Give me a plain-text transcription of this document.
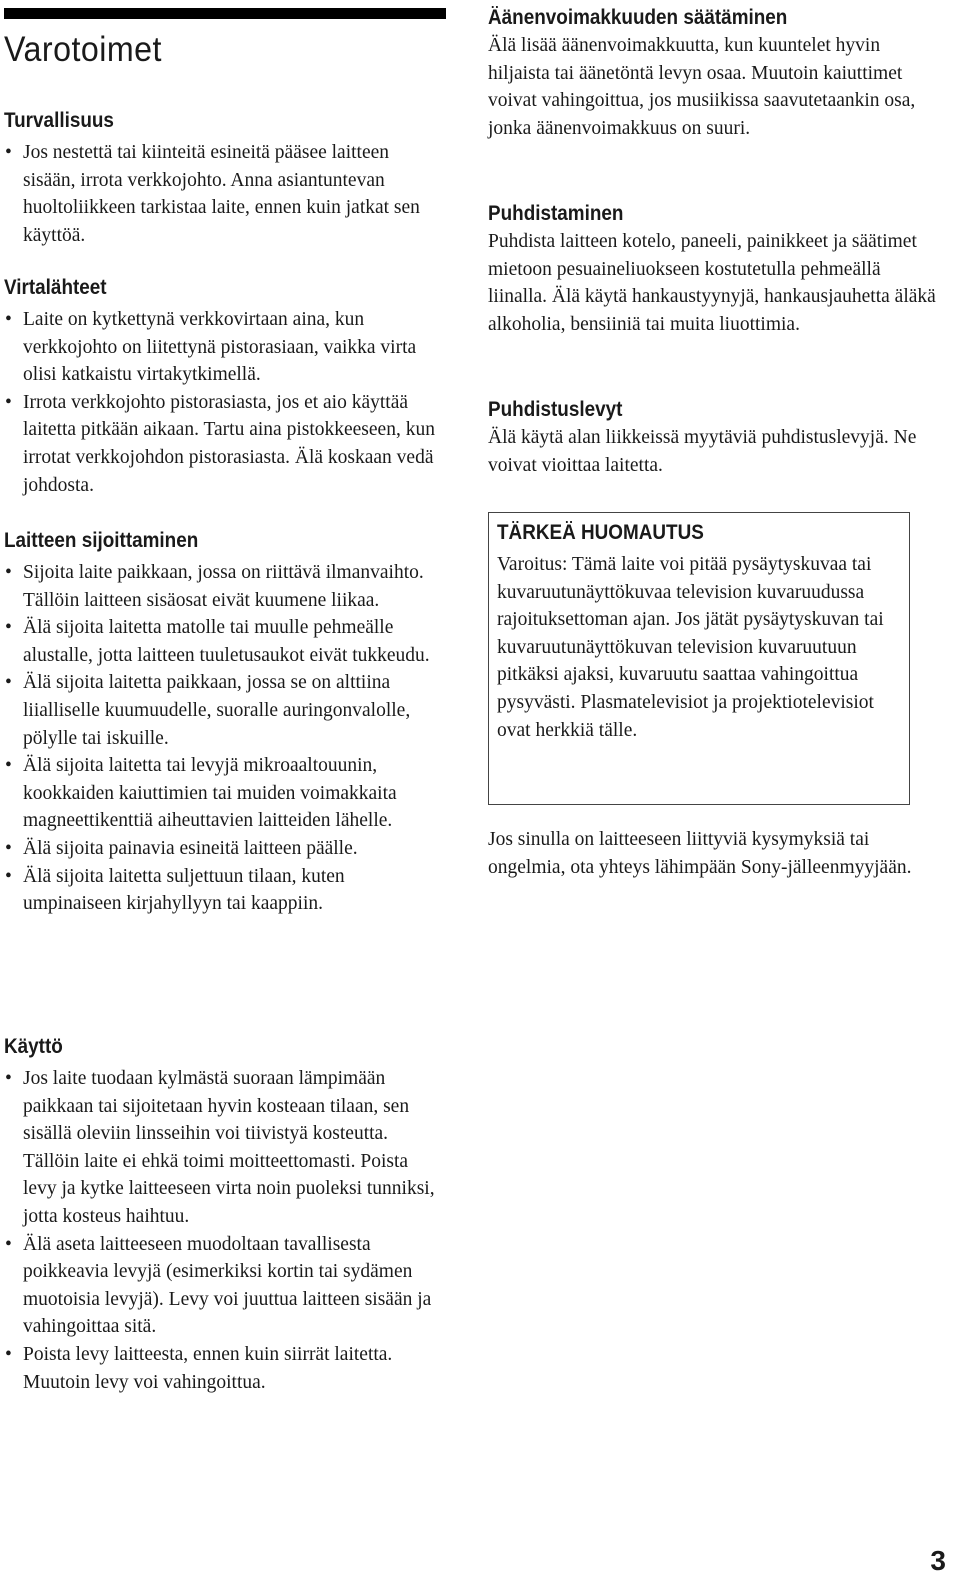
Varotoimet
Turvallisuus
• Jos nestettä tai kiinteitä esineitä pääsee laitteen sisään, irrota verkkojohto. Anna asiantuntevan huoltoliikkeen tarkistaa laite, ennen kuin jatkat sen käyttöä.
Virtalähteet
• Laite on kytkettynä verkkovirtaan aina, kun verkkojohto on liitettynä pistorasiaan, vaikka virta olisi katkaistu virtakytkimellä.
• Irrota verkkojohto pistorasiasta, jos et aio käyttää laitetta pitkään aikaan. Tartu aina pistokkeeseen, kun irrotat verkkojohdon pistorasiasta. Älä koskaan vedä johdosta.
Laitteen sijoittaminen
• Sijoita laite paikkaan, jossa on riittävä ilmanvaihto. Tällöin laitteen sisäosat eivät kuumene liikaa.
• Älä sijoita laitetta matolle tai muulle pehmeälle alustalle, jotta laitteen tuuletusaukot eivät tukkeudu.
• Älä sijoita laitetta paikkaan, jossa se on alttiina liialliselle kuumuudelle, suoralle auringonvalolle, pölylle tai iskuille.
• Älä sijoita laitetta tai levyjä mikroaaltouunin, kookkaiden kaiuttimien tai muiden voimakkaita magneettikenttiä aiheuttavien laitteiden lähelle.
• Älä sijoita painavia esineitä laitteen päälle.
• Älä sijoita laitetta suljettuun tilaan, kuten umpinaiseen kirjahyllyyn tai kaappiin.
Käyttö
• Jos laite tuodaan kylmästä suoraan lämpimään paikkaan tai sijoitetaan hyvin kosteaan tilaan, sen sisällä oleviin linsseihin voi tiivistyä kosteutta. Tällöin laite ei ehkä toimi moitteettomasti. Poista levy ja kytke laitteeseen virta noin puoleksi tunniksi, jotta kosteus haihtuu.
• Älä aseta laitteeseen muodoltaan tavallisesta poikkeavia levyjä (esimerkiksi kortin tai sydämen muotoisia levyjä). Levy voi juuttua laitteen sisään ja vahingoittaa sitä.
• Poista levy laitteesta, ennen kuin siirrät laitetta. Muutoin levy voi vahingoittua.
Äänenvoimakkuuden säätäminen

Älä lisää äänenvoimakkuutta, kun kuuntelet hyvin hiljaista tai äänetöntä levyn osaa. Muutoin kaiuttimet voivat vahingoittua, jos musiikissa saavutetaankin osa, jonka äänenvoimakkuus on suuri.

Puhdistaminen

Puhdista laitteen kotelo, paneeli, painikkeet ja säätimet mietoon pesuaineliuokseen kostutetulla pehmeällä liinalla. Älä käytä hankaustyynyjä, hankausjauhetta äläkä alkoholia, bensiiniä tai muita liuottimia.

Puhdistuslevyt

Älä käytä alan liikkeissä myytäviä puhdistuslevyjä. Ne voivat vioittaa laitetta.

Jos sinulla on laitteeseen liittyviä kysymyksiä tai ongelmia, ota yhteys lähimpään Sony-jälleenmyyjään.

TÄRKEÄ HUOMAUTUS

Varoitus: Tämä laite voi pitää pysäytyskuvaa tai kuvaruutunäyttökuvaa television kuvaruudussa rajoituksettoman ajan. Jos jätät pysäytyskuvan tai kuvaruutunäyttökuvan television kuvaruutuun pitkäksi ajaksi, kuvaruutu saattaa vahingoittua pysyvästi. Plasmatelevisiot ja projektiotelevisiot ovat herkkiä tälle.

3
